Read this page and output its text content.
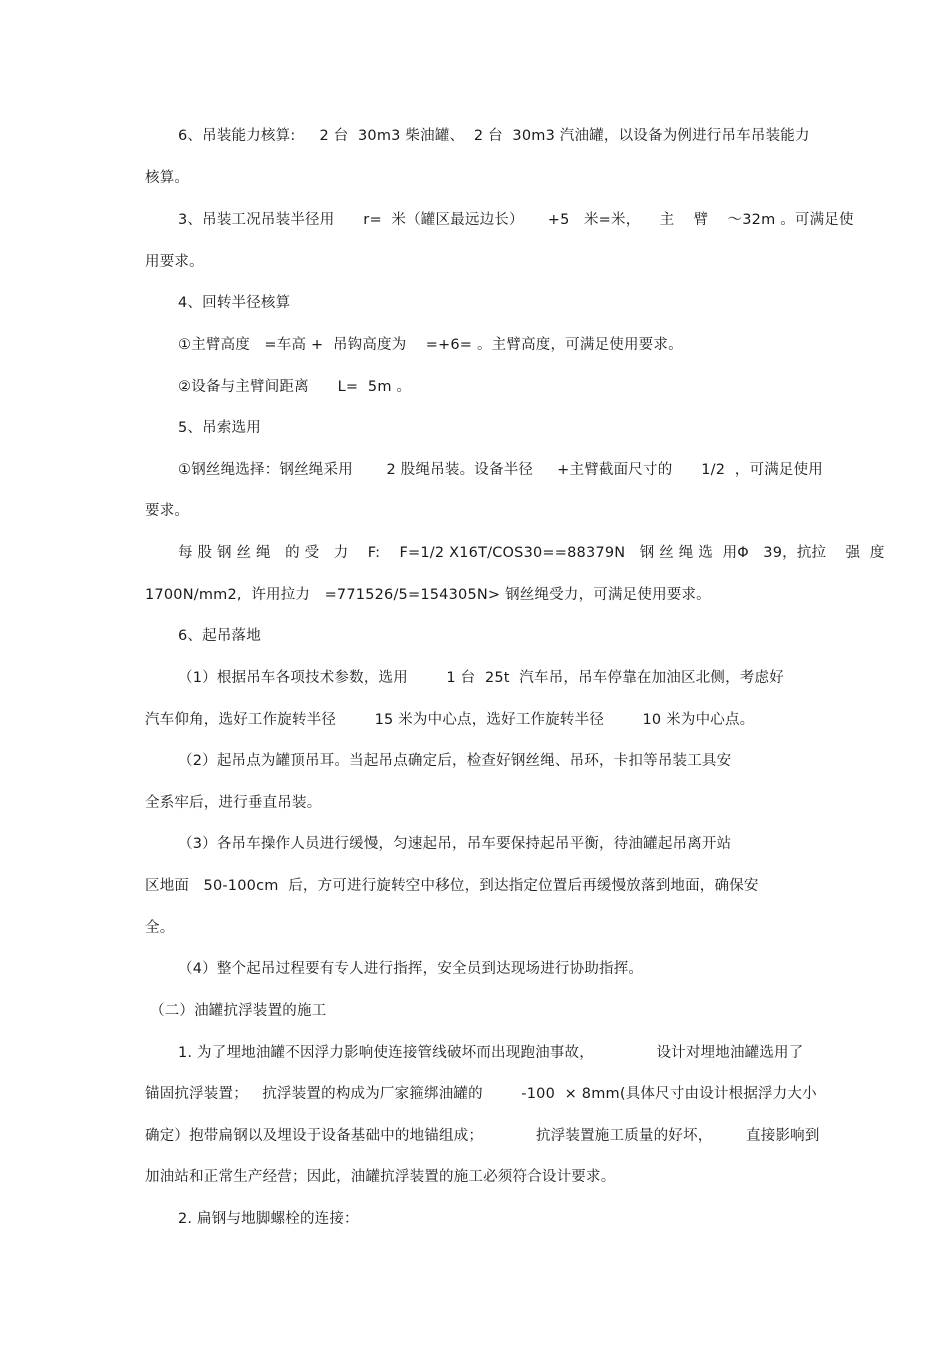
6、吊装能力核算:     2 台  30m3 柴油罐、  2 台  30m3 汽油罐，以设备为例进行吊车吊装能力
核算。
3、吊装工况吊装半径用      r=  米（罐区最远边长）     +5   米=米，    主    臂    ～32m 。可满足使
用要求。
4、回转半径核算
①主臂高度   =车高 +  吊钩高度为    =+6= 。主臂高度，可满足使用要求。
②设备与主臂间距离      L=  5m 。
5、吊索选用
①钢丝绳选择：钢丝绳采用       2 股绳吊装。设备半径     +主臂截面尺寸的      1/2  ，可满足使用
要求。
每 股 钢 丝 绳   的 受   力    F:    F=1/2 X16T/COS30==88379N   钢 丝 绳 选  用Φ   39，抗拉    强  度
1700N/mm2,  许用拉力   =771526/5=154305N> 钢丝绳受力，可满足使用要求。
6、起吊落地
（1）根据吊车各项技术参数，选用        1 台  25t  汽车吊，吊车停靠在加油区北侧，考虑好
汽车仰角，选好工作旋转半径        15 米为中心点，选好工作旋转半径        10 米为中心点。
（2）起吊点为罐顶吊耳。当起吊点确定后，检查好钢丝绳、吊环，卡扣等吊装工具安
全系牢后，进行垂直吊装。
（3）各吊车操作人员进行缓慢，匀速起吊，吊车要保持起吊平衡，待油罐起吊离开站
区地面   50-100cm  后，方可进行旋转空中移位，到达指定位置后再缓慢放落到地面，确保安
全。
（4）整个起吊过程要有专人进行指挥，安全员到达现场进行协助指挥。
（二）油罐抗浮装置的施工
1. 为了埋地油罐不因浮力影响使连接管线破坏而出现跑油事故，             设计对埋地油罐选用了
锚固抗浮装置；   抗浮装置的构成为厂家箍绑油罐的        -100  × 8mm(具体尺寸由设计根据浮力大小
确定）抱带扁钢以及埋设于设备基础中的地锚组成；           抗浮装置施工质量的好坏，       直接影响到
加油站和正常生产经营；因此，油罐抗浮装置的施工必须符合设计要求。
2. 扁钢与地脚螺栓的连接：
